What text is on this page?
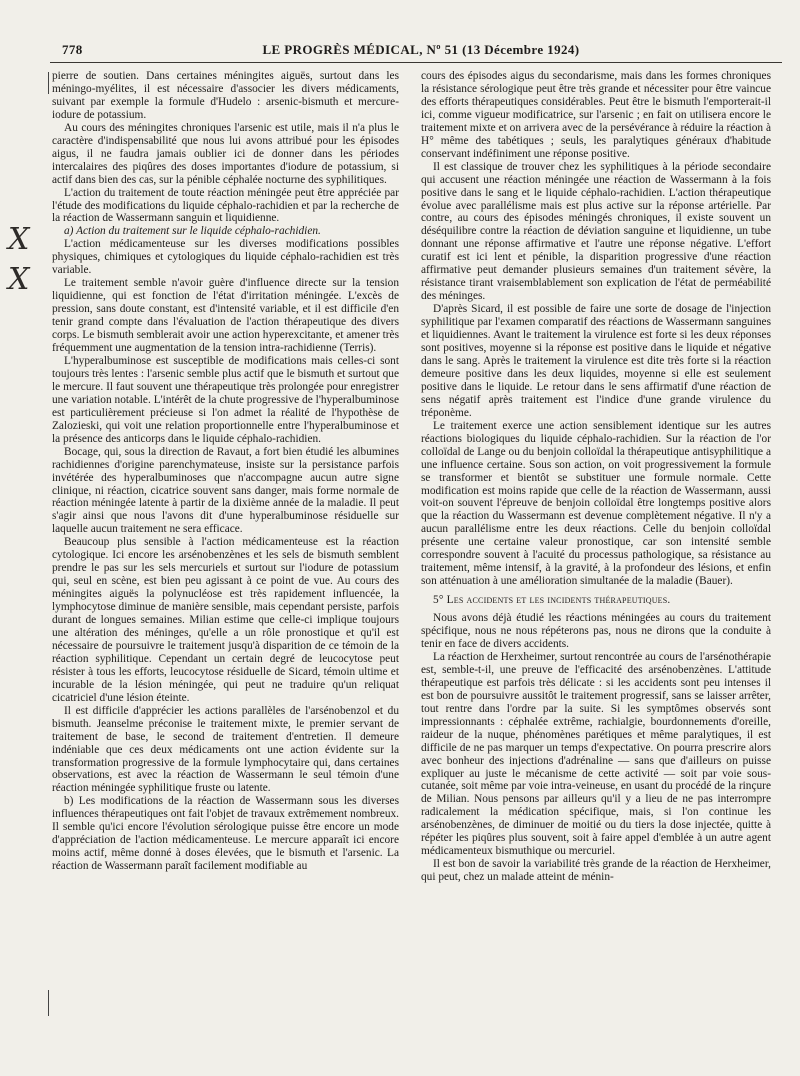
778	LE PROGRÈS MÉDICAL, Nº 51 (13 Décembre 1924)
X
X

pierre de soutien. Dans certaines méningites aiguës, surtout dans les méningo-myélites, il est nécessaire d'associer les divers médicaments, suivant par exemple la formule d'Hudelo : arsenic-bismuth et mercure-iodure de potassium.

Au cours des méningites chroniques l'arsenic est utile, mais il n'a plus le caractère d'indispensabilité que nous lui avons attribué pour les épisodes aigus, il ne faudra jamais oublier ici de donner dans les périodes intercalaires des piqûres des doses importantes d'iodure de potassium, si actif dans bien des cas, sur la pénible céphalée nocturne des syphilitiques.

L'action du traitement de toute réaction méningée peut être appréciée par l'étude des modifications du liquide céphalo-rachidien et par la recherche de la réaction de Wassermann sanguin et liquidienne.

a) Action du traitement sur le liquide céphalo-rachidien.

L'action médicamenteuse sur les diverses modifications possibles physiques, chimiques et cytologiques du liquide céphalo-rachidien est très variable.

Le traitement semble n'avoir guère d'influence directe sur la tension liquidienne, qui est fonction de l'état d'irritation méningée. L'excès de pression, sans doute constant, est d'intensité variable, et il est difficile d'en tenir grand compte dans l'évaluation de l'action thérapeutique des divers corps. Le bismuth semblerait avoir une action hyperexcitante, et amener très fréquemment une augmentation de la tension intra-rachidienne (Terris).

L'hyperalbuminose est susceptible de modifications mais celles-ci sont toujours très lentes : l'arsenic semble plus actif que le bismuth et surtout que le mercure. Il faut souvent une thérapeutique très prolongée pour enregistrer une variation notable. L'intérêt de la chute progressive de l'hyperalbuminose est particulièrement précieuse si l'on admet la réalité de l'hypothèse de Zalozieski, qui voit une relation proportionnelle entre l'hyperalbuminose et la présence des anticorps dans le liquide céphalo-rachidien.

Bocage, qui, sous la direction de Ravaut, a fort bien étudié les albumines rachidiennes d'origine parenchymateuse, insiste sur la persistance parfois invétérée des hyperalbuminoses que n'accompagne aucun autre signe clinique, ni réaction, cicatrice souvent sans danger, mais forme normale de réaction méningée latente à partir de la dixième année de la maladie. Il peut s'agir ainsi que nous l'avons dit d'une hyperalbuminose résiduelle sur laquelle aucun traitement ne sera efficace.

Beaucoup plus sensible à l'action médicamenteuse est la réaction cytologique. Ici encore les arsénobenzènes et les sels de bismuth semblent prendre le pas sur les sels mercuriels et surtout sur l'iodure de potassium qui, seul en scène, est bien peu agissant à ce point de vue. Au cours des méningites aiguës la polynucléose est très rapidement influencée, la lymphocytose diminue de manière sensible, mais cependant persiste, parfois durant de longues semaines. Milian estime que celle-ci implique toujours une altération des méninges, qu'elle a un rôle pronostique et qu'il est nécessaire de poursuivre le traitement jusqu'à disparition de ce témoin de la réaction syphilitique. Cependant un certain degré de leucocytose peut résister à tous les efforts, leucocytose résiduelle de Sicard, témoin ultime et incurable de la lésion méningée, qui peut ne traduire qu'un reliquat cicatriciel d'une lésion éteinte.

Il est difficile d'apprécier les actions parallèles de l'arsénobenzol et du bismuth. Jeanselme préconise le traitement mixte, le premier servant de traitement de base, le second de traitement d'entretien. Il demeure indéniable que ces deux médicaments ont une action évidente sur la transformation progressive de la formule lymphocytaire qui, dans certaines observations, est avec la réaction de Wassermann le seul témoin d'une réaction méningée syphilitique fruste ou latente.

b) Les modifications de la réaction de Wassermann sous les diverses influences thérapeutiques ont fait l'objet de travaux extrêmement nombreux. Il semble qu'ici encore l'évolution sérologique puisse être encore un mode d'appréciation de l'action médicamenteuse. Le mercure apparaît ici encore moins actif, même donné à doses élevées, que le bismuth et l'arsenic. La réaction de Wassermann paraît facilement modifiable au

cours des épisodes aigus du secondarisme, mais dans les formes chroniques la résistance sérologique peut être très grande et nécessiter pour être vaincue des efforts thérapeutiques considérables. Peut être le bismuth l'emporterait-il ici, comme vigueur modificatrice, sur l'arsenic ; en fait on utilisera encore le traitement mixte et on arrivera avec de la persévérance à réduire la réaction à H° même des tabétiques ; seuls, les paralytiques généraux d'habitude conservant indéfiniment une réponse positive.

Il est classique de trouver chez les syphilitiques à la période secondaire qui accusent une réaction méningée une réaction de Wassermann à la fois positive dans le sang et le liquide céphalo-rachidien. L'action thérapeutique évolue avec parallélisme mais est plus active sur la réponse artérielle. Par contre, au cours des épisodes méningés chroniques, il existe souvent un déséquilibre contre la réaction de déviation sanguine et liquidienne, un tube donnant une réponse affirmative et l'autre une réponse négative. L'effort curatif est ici lent et pénible, la disparition progressive d'une réaction affirmative peut demander plusieurs semaines d'un traitement sévère, la résistance tirant vraisemblablement son explication de l'état de perméabilité des méninges.

D'après Sicard, il est possible de faire une sorte de dosage de l'injection syphilitique par l'examen comparatif des réactions de Wassermann sanguines et liquidiennes. Avant le traitement la virulence est forte si les deux réponses sont positives, moyenne si la réponse est positive dans le liquide et négative dans le sang. Après le traitement la virulence est dite très forte si la réaction demeure positive dans les deux liquides, moyenne si elle est seulement positive dans le liquide. Le retour dans le sens affirmatif d'une réaction de sens négatif après traitement est l'indice d'une grande virulence du tréponème.

Le traitement exerce une action sensiblement identique sur les autres réactions biologiques du liquide céphalo-rachidien. Sur la réaction de l'or colloïdal de Lange ou du benjoin colloïdal la thérapeutique antisyphilitique a une influence certaine. Sous son action, on voit progressivement la formule se transformer et bientôt se substituer une formule normale. Cette modification est moins rapide que celle de la réaction de Wassermann, aussi voit-on souvent l'épreuve de benjoin colloïdal être longtemps positive alors que la réaction du Wassermann est devenue complètement négative. Il n'y a aucun parallélisme entre les deux réactions. Celle du benjoin colloïdal présente une certaine valeur pronostique, car son intensité semble correspondre souvent à l'acuité du processus pathologique, sa résistance au traitement, même intensif, à la gravité, à la profondeur des lésions, et enfin son atténuation à une amélioration simultanée de la maladie (Bauer).

5° Les accidents et les incidents thérapeutiques.

Nous avons déjà étudié les réactions méningées au cours du traitement spécifique, nous ne nous répéterons pas, nous ne dirons que la conduite à tenir en face de divers accidents.

La réaction de Herxheimer, surtout rencontrée au cours de l'arsénothérapie est, semble-t-il, une preuve de l'efficacité des arsénobenzènes. L'attitude thérapeutique est parfois très délicate : si les accidents sont peu intenses il est bon de poursuivre aussitôt le traitement progressif, sans se laisser arrêter, tout rentre dans l'ordre par la suite. Si les symptômes observés sont impressionnants : céphalée extrême, rachialgie, bourdonnements d'oreille, raideur de la nuque, phénomènes parétiques et même paralytiques, il est difficile de ne pas marquer un temps d'expectative. On pourra prescrire alors avec bonheur des injections d'adrénaline — sans que d'ailleurs on puisse expliquer au juste le mécanisme de cette activité — soit par voie sous-cutanée, soit même par voie intra-veineuse, en usant du procédé de la rinçure de Milian. Nous pensons par ailleurs qu'il y a lieu de ne pas interrompre radicalement la médication spécifique, mais, si l'on continue les arsénobenzènes, de diminuer de moitié ou du tiers la dose injectée, quitte à répéter les piqûres plus souvent, soit à faire appel d'emblée à un autre agent médicamenteux bismuthique ou mercuriel.

Il est bon de savoir la variabilité très grande de la réaction de Herxheimer, qui peut, chez un malade atteint de ménin-
